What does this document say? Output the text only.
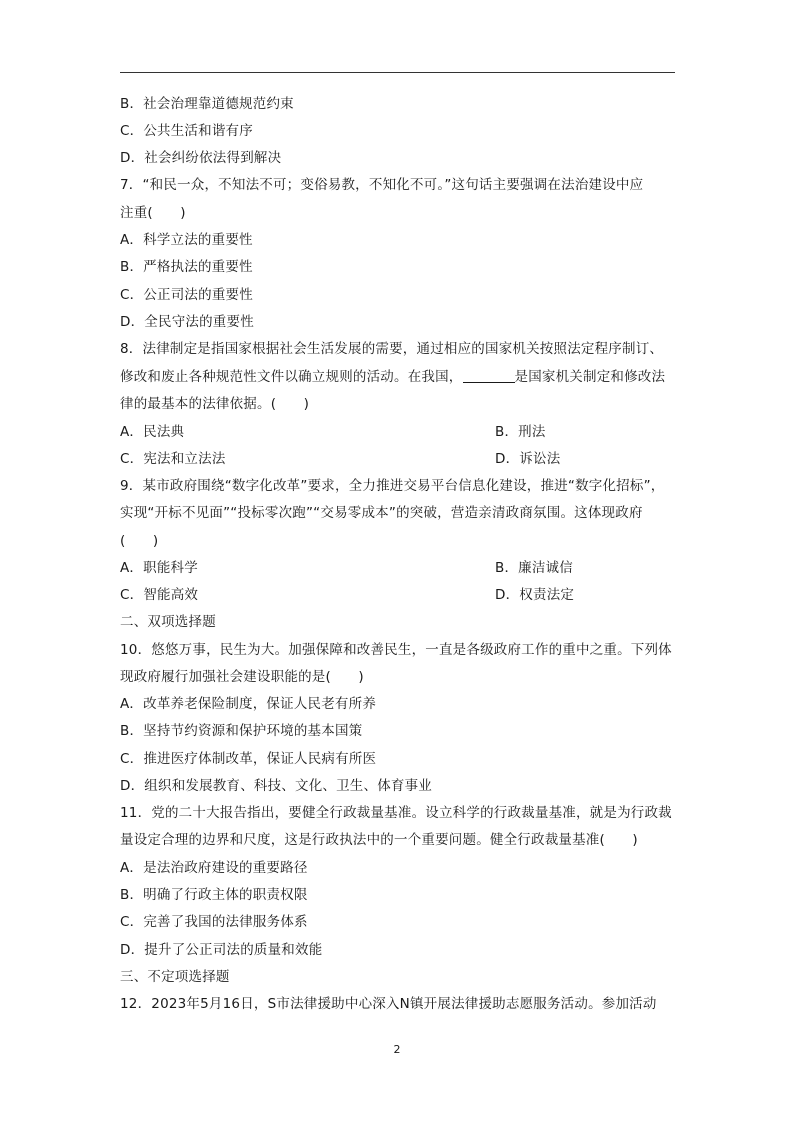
B．社会治理靠道德规范约束
C．公共生活和谐有序
D．社会纠纷依法得到解决
7．“和民一众，不知法不可；变俗易教，不知化不可。”这句话主要强调在法治建设中应
注重(　　)
A．科学立法的重要性
B．严格执法的重要性
C．公正司法的重要性
D．全民守法的重要性
8．法律制定是指国家根据社会生活发展的需要，通过相应的国家机关按照法定程序制订、
修改和废止各种规范性文件以确立规则的活动。在我国，	是国家机关制定和修改法
律的最基本的法律依据。(　　)
A．民法典	B．刑法
C．宪法和立法法	D．诉讼法
9．某市政府围绕“数字化改革”要求，全力推进交易平台信息化建设，推进“数字化招标”，
实现“开标不见面”“投标零次跑”“交易零成本”的突破，营造亲清政商氛围。这体现政府
(　　)
A．职能科学	B．廉洁诚信
C．智能高效	D．权责法定
二、双项选择题
10．悠悠万事，民生为大。加强保障和改善民生，一直是各级政府工作的重中之重。下列体
现政府履行加强社会建设职能的是(　　)
A．改革养老保险制度，保证人民老有所养
B．坚持节约资源和保护环境的基本国策
C．推进医疗体制改革，保证人民病有所医
D．组织和发展教育、科技、文化、卫生、体育事业
11．党的二十大报告指出，要健全行政裁量基准。设立科学的行政裁量基准，就是为行政裁
量设定合理的边界和尺度，这是行政执法中的一个重要问题。健全行政裁量基准(　　)
A．是法治政府建设的重要路径
B．明确了行政主体的职责权限
C．完善了我国的法律服务体系
D．提升了公正司法的质量和效能
三、不定项选择题
12．2023年5月16日，S市法律援助中心深入N镇开展法律援助志愿服务活动。参加活动
2
